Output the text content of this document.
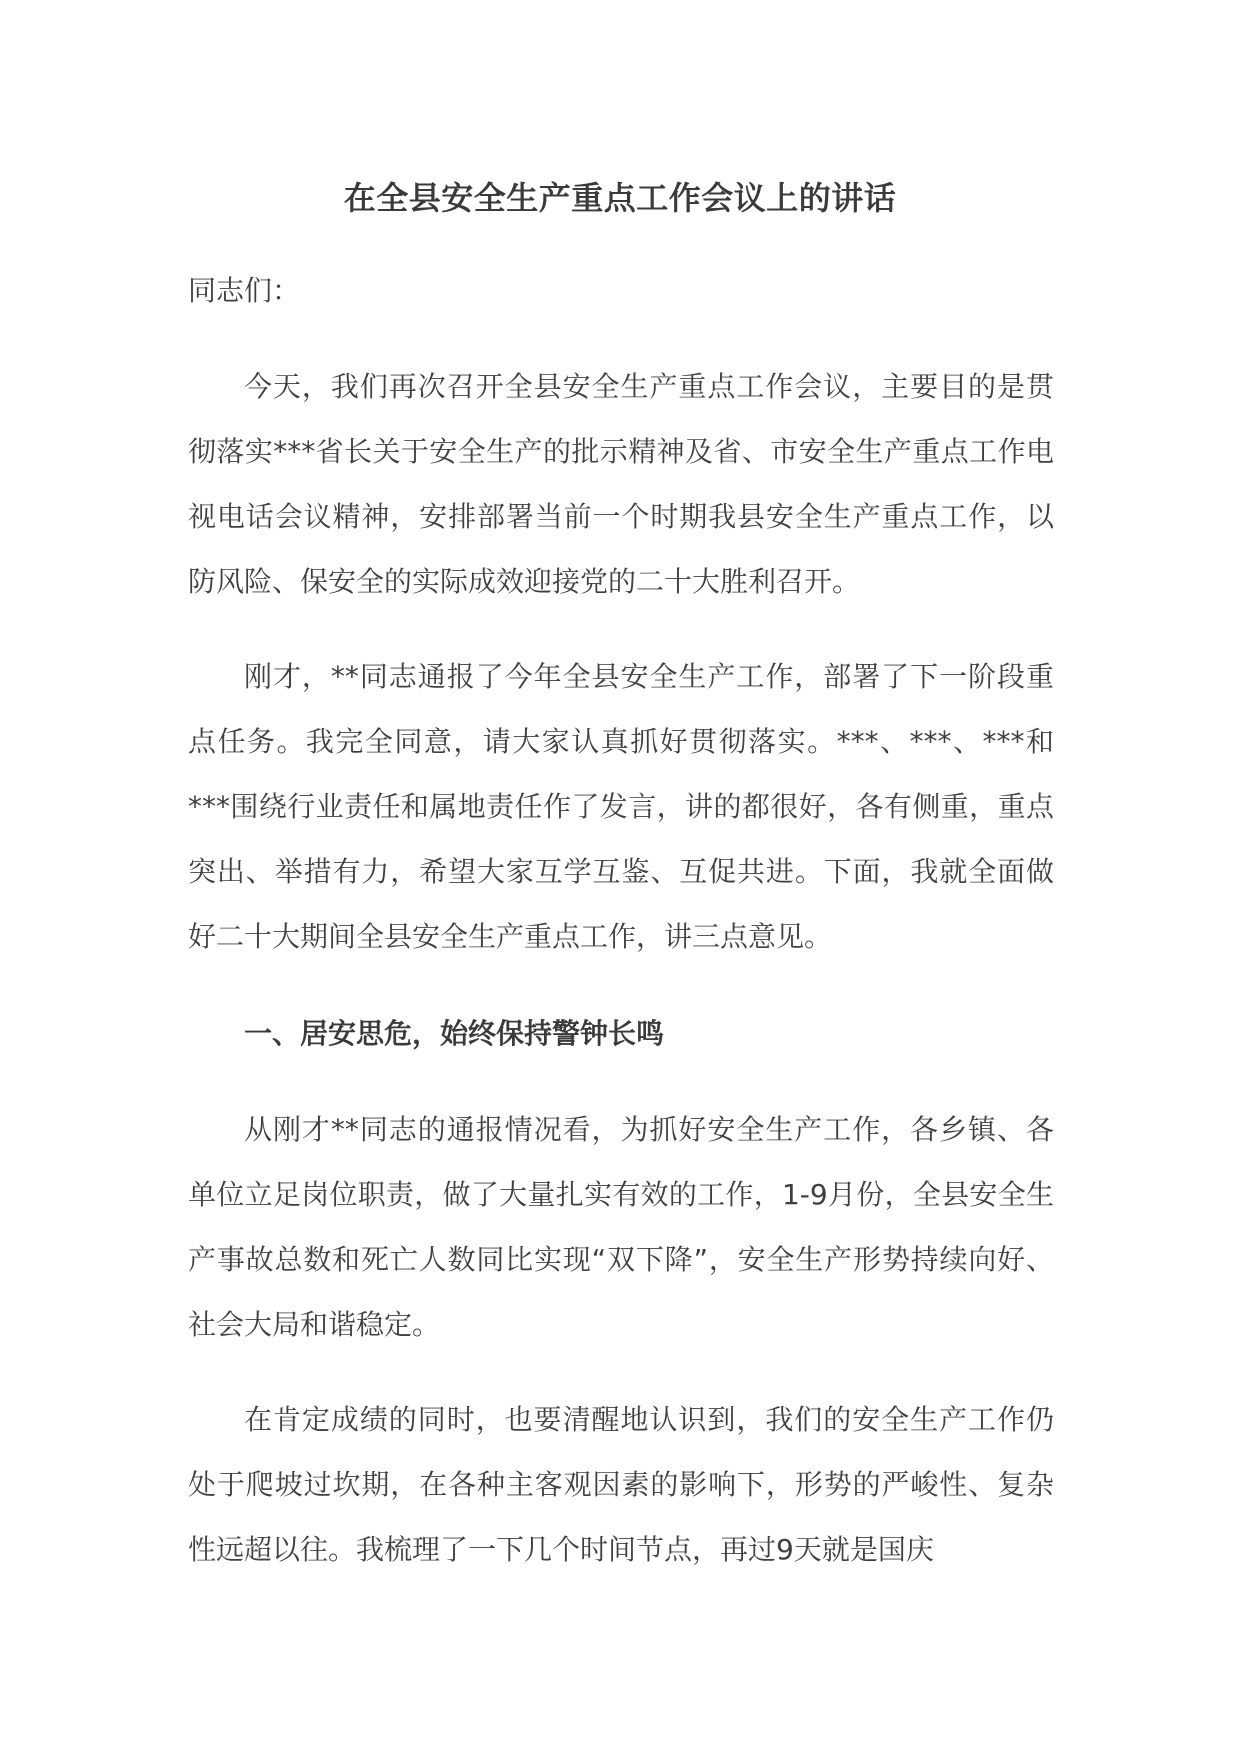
在全县安全生产重点工作会议上的讲话
同志们：

今天，我们再次召开全县安全生产重点工作会议，主要目的是贯彻落实***省长关于安全生产的批示精神及省、市安全生产重点工作电视电话会议精神，安排部署当前一个时期我县安全生产重点工作，以防风险、保安全的实际成效迎接党的二十大胜利召开。

刚才，**同志通报了今年全县安全生产工作，部署了下一阶段重点任务。我完全同意，请大家认真抓好贯彻落实。***、***、***和***围绕行业责任和属地责任作了发言，讲的都很好，各有侧重，重点突出、举措有力，希望大家互学互鉴、互促共进。下面，我就全面做好二十大期间全县安全生产重点工作，讲三点意见。

一、居安思危，始终保持警钟长鸣

从刚才**同志的通报情况看，为抓好安全生产工作，各乡镇、各单位立足岗位职责，做了大量扎实有效的工作，1-9月份，全县安全生产事故总数和死亡人数同比实现“双下降”，安全生产形势持续向好、社会大局和谐稳定。

在肯定成绩的同时，也要清醒地认识到，我们的安全生产工作仍处于爬坡过坎期，在各种主客观因素的影响下，形势的严峻性、复杂性远超以往。我梳理了一下几个时间节点，再过9天就是国庆
